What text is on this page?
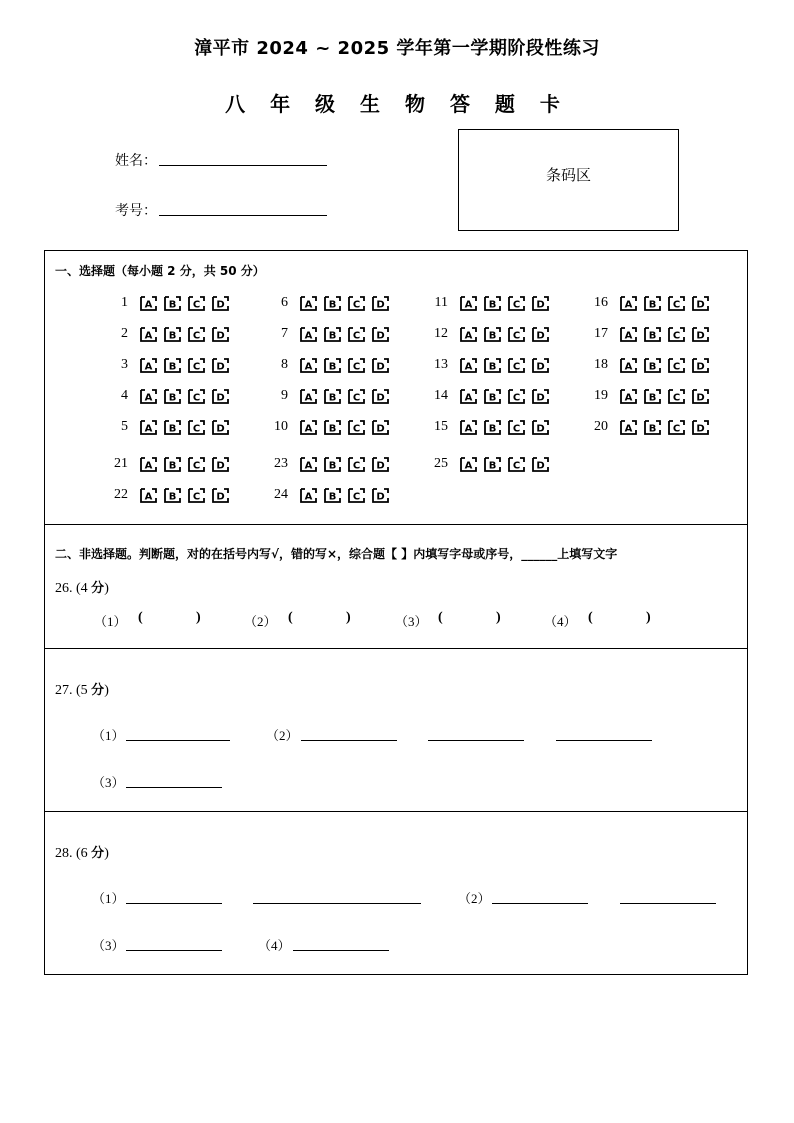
漳平市 2024 ~ 2025 学年第一学期阶段性练习
八 年 级 生 物 答 题 卡
姓名：
考号：
条码区
一、选择题（每小题 2 分，共 50 分）
1 A B C D
2 A B C D
3 A B C D
4 A B C D
5 A B C D
6 A B C D
7 A B C D
8 A B C D
9 A B C D
10 A B C D
11 A B C D
12 A B C D
13 A B C D
14 A B C D
15 A B C D
16 A B C D
17 A B C D
18 A B C D
19 A B C D
20 A B C D
21 A B C D
22 A B C D
23 A B C D
24 A B C D
25 A B C D
二、非选择题。判断题，对的在括号内写√，错的写×，综合题【 】内填写字母或序号，______上填写文字
26. (4 分)
（1） (	)	（2） (	)	（3） (	)	（4） (	)
27. (5 分)
（1）	（2）
（3）
28. (6 分)
（1）	（2）
（3）	（4）
